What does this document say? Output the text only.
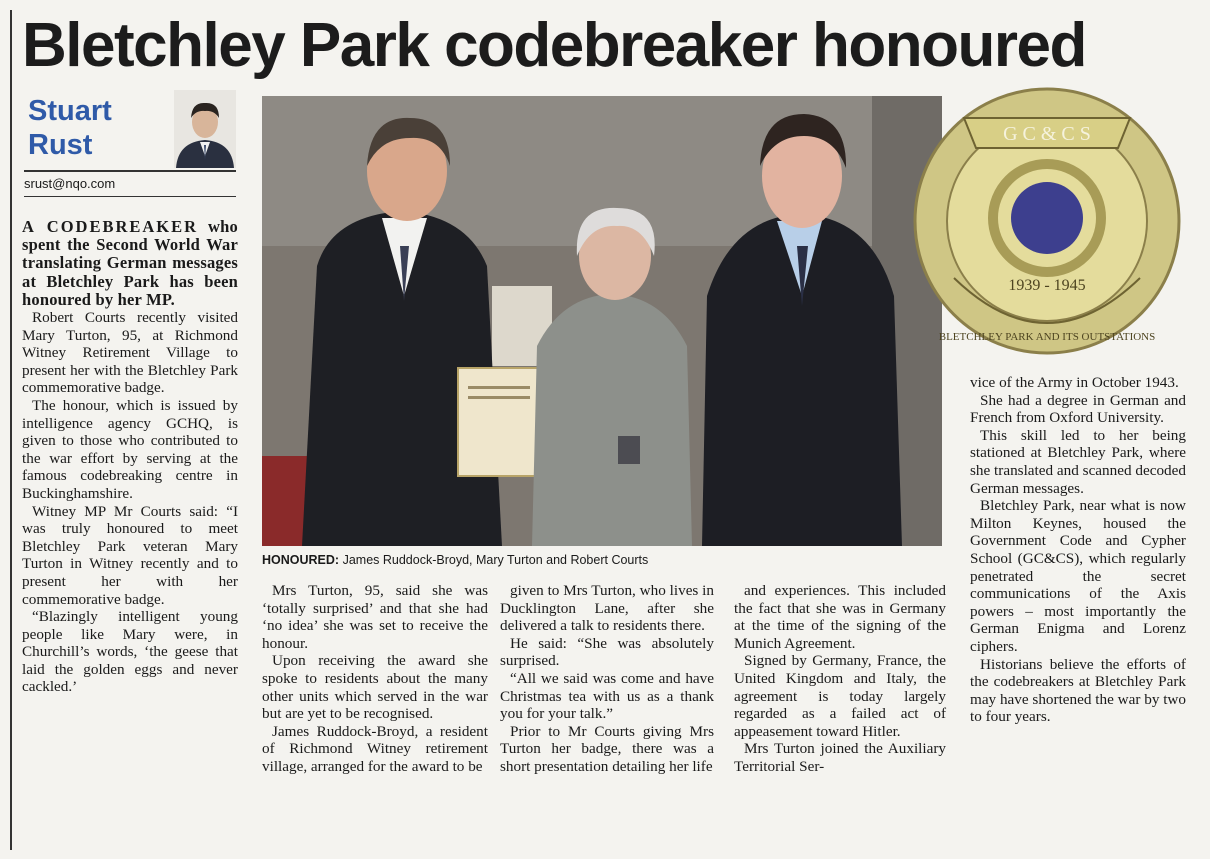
Bletchley Park codebreaker honoured
Stuart
Rust
srust@nqo.com

A CODEBREAKER who spent the Second World War translating German messages at Bletchley Park has been honoured by her MP.

Robert Courts recently visited Mary Turton, 95, at Richmond Witney Retirement Village to present her with the Bletchley Park commemorative badge.

The honour, which is issued by intelligence agency GCHQ, is given to those who contributed to the war effort by serving at the famous codebreaking centre in Buckinghamshire.

Witney MP Mr Courts said: “I was truly honoured to meet Bletchley Park veteran Mary Turton in Witney recently and to present her with her commemorative badge.

“Blazingly intelligent young people like Mary were, in Churchill’s words, ‘the geese that laid the golden eggs and never cackled.’

HONOURED: James Ruddock-Broyd, Mary Turton and Robert Courts
G C & C S
1939 - 1945
BLETCHLEY PARK AND ITS OUTSTATIONS

Mrs Turton, 95, said she was ‘totally surprised’ and that she had ‘no idea’ she was set to receive the honour.

Upon receiving the award she spoke to residents about the many other units which served in the war but are yet to be recognised.

James Ruddock-Broyd, a resident of Richmond Witney retirement village, arranged for the award to be

given to Mrs Turton, who lives in Ducklington Lane, after she delivered a talk to residents there.

He said: “She was absolutely surprised.

“All we said was come and have Christmas tea with us as a thank you for your talk.”

Prior to Mr Courts giving Mrs Turton her badge, there was a short presentation detailing her life

and experiences. This included the fact that she was in Germany at the time of the signing of the Munich Agreement.

Signed by Germany, France, the United Kingdom and Italy, the agreement is today largely regarded as a failed act of appeasement toward Hitler.

Mrs Turton joined the Auxiliary Territorial Ser-

vice of the Army in October 1943.

She had a degree in German and French from Oxford University.

This skill led to her being stationed at Bletchley Park, where she translated and scanned decoded German messages.

Bletchley Park, near what is now Milton Keynes, housed the Government Code and Cypher School (GC&CS), which regularly penetrated the secret communications of the Axis powers – most importantly the German Enigma and Lorenz ciphers.

Historians believe the efforts of the codebreakers at Bletchley Park may have shortened the war by two to four years.
